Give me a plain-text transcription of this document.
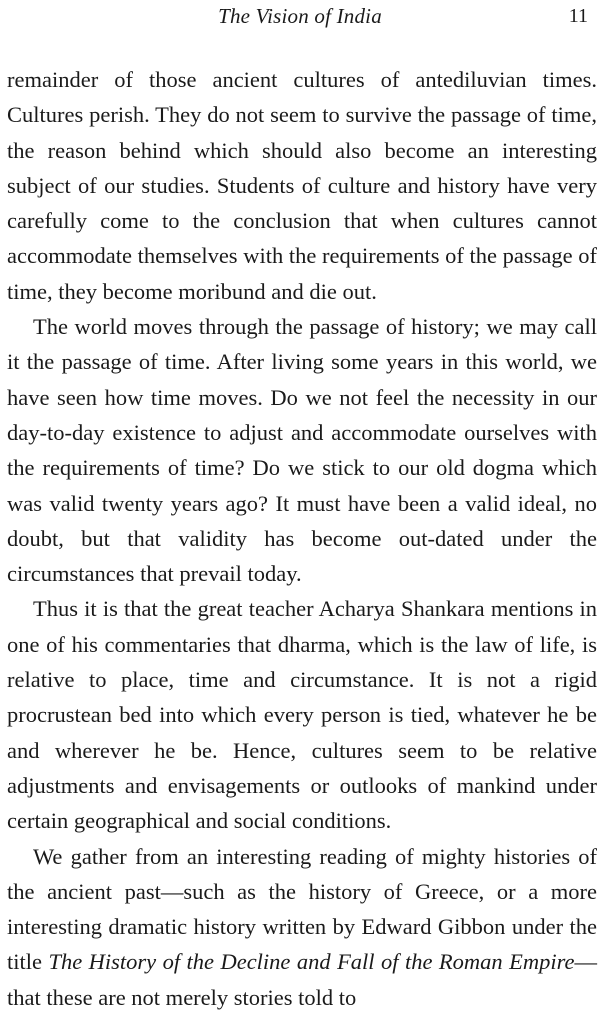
The Vision of India	11

remainder of those ancient cultures of antediluvian times. Cultures perish. They do not seem to survive the passage of time, the reason behind which should also become an interesting subject of our studies. Students of culture and history have very carefully come to the conclusion that when cultures cannot accommodate themselves with the requirements of the passage of time, they become moribund and die out.

The world moves through the passage of history; we may call it the passage of time. After living some years in this world, we have seen how time moves. Do we not feel the necessity in our day-to-day existence to adjust and accommodate ourselves with the requirements of time? Do we stick to our old dogma which was valid twenty years ago? It must have been a valid ideal, no doubt, but that validity has become out-dated under the circumstances that prevail today.

Thus it is that the great teacher Acharya Shankara mentions in one of his commentaries that dharma, which is the law of life, is relative to place, time and circumstance. It is not a rigid procrustean bed into which every person is tied, whatever he be and wherever he be. Hence, cultures seem to be relative adjustments and envisagements or outlooks of mankind under certain geographical and social conditions.

We gather from an interesting reading of mighty histories of the ancient past—such as the history of Greece, or a more interesting dramatic history written by Edward Gibbon under the title The History of the Decline and Fall of the Roman Empire—that these are not merely stories told to
